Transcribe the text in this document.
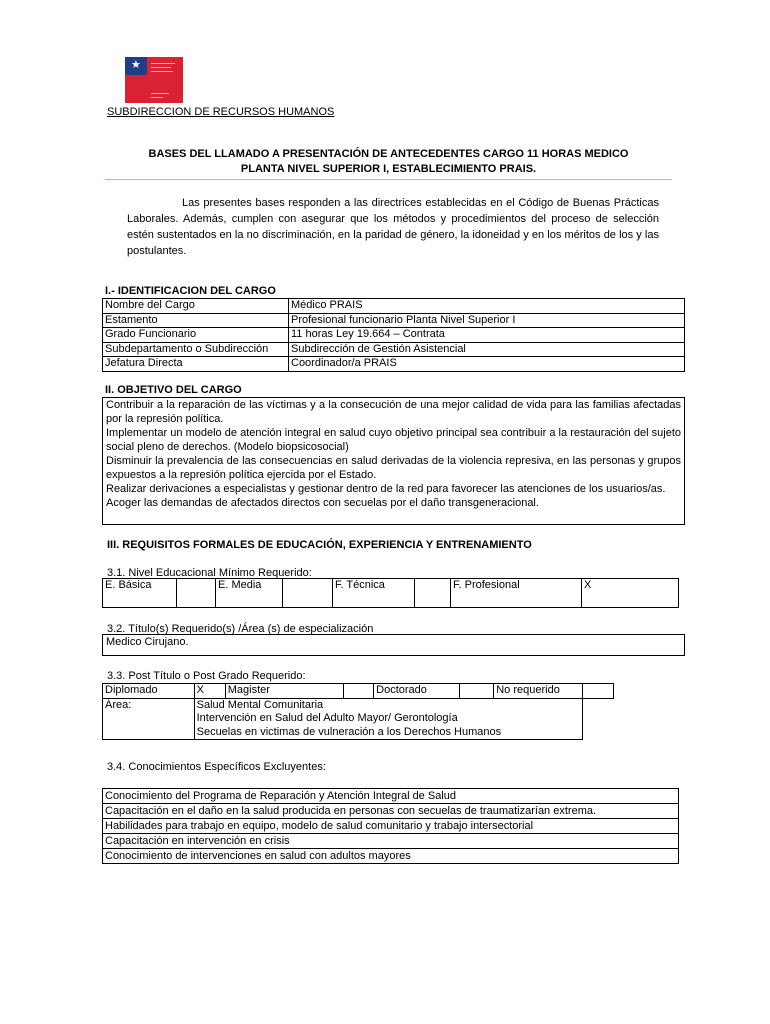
★
SUBDIRECCION DE RECURSOS HUMANOS
BASES DEL LLAMADO A PRESENTACIÓN DE ANTECEDENTES CARGO 11 HORAS MEDICO
PLANTA NIVEL SUPERIOR I, ESTABLECIMIENTO PRAIS.
Las presentes bases responden a las directrices establecidas en el Código de Buenas Prácticas Laborales. Además, cumplen con asegurar que los métodos y procedimientos del proceso de selección estén sustentados en la no discriminación, en la paridad de género, la idoneidad y en los méritos de los y las postulantes.
I.- IDENTIFICACION DEL CARGO
Nombre del Cargo	Médico PRAIS
Estamento	Profesional funcionario Planta Nivel Superior I
Grado Funcionario	11 horas Ley 19.664 – Contrata
Subdepartamento o Subdirección	Subdirección de Gestión Asistencial
Jefatura Directa	Coordinador/a PRAIS
II. OBJETIVO DEL CARGO

Contribuir a la reparación de las víctimas y a la consecución de una mejor calidad de vida para las familias afectadas por la represión política.

Implementar un modelo de atención integral en salud cuyo objetivo principal sea contribuir a la restauración del sujeto social pleno de derechos. (Modelo biopsicosocial)

Disminuir la prevalencia de las consecuencias en salud derivadas de la violencia represiva, en las personas y grupos expuestos a la represión política ejercida por el Estado.

Realizar derivaciones a especialistas y gestionar dentro de la red para favorecer las atenciones de los usuarios/as.

Acoger las demandas de afectados directos con secuelas por el daño transgeneracional.

III. REQUISITOS FORMALES DE EDUCACIÓN, EXPERIENCIA Y ENTRENAMIENTO
3.1. Nivel Educacional Mínimo Requerido:
E. Básica		E. Media		F. Técnica		F. Profesional	X
3.2. Título(s) Requerido(s) /Área (s) de especialización
Medico Cirujano.
3.3. Post Título o Post Grado Requerido:
Diplomado	X	Magister		Doctorado		No requerido	
Área:	Salud Mental Comunitaria
Intervención en Salud del Adulto Mayor/ Gerontología
Secuelas en victimas de vulneración a los Derechos Humanos						

3.4. Conocimientos Específicos Excluyentes:
Conocimiento del Programa de Reparación y Atención Integral de Salud
Capacitación en el daño en la salud producida en personas con secuelas de traumatizarían extrema.
Habilidades para trabajo en equipo, modelo de salud comunitario y trabajo intersectorial
Capacitación en intervención en crisis
Conocimiento de intervenciones en salud con adultos mayores
